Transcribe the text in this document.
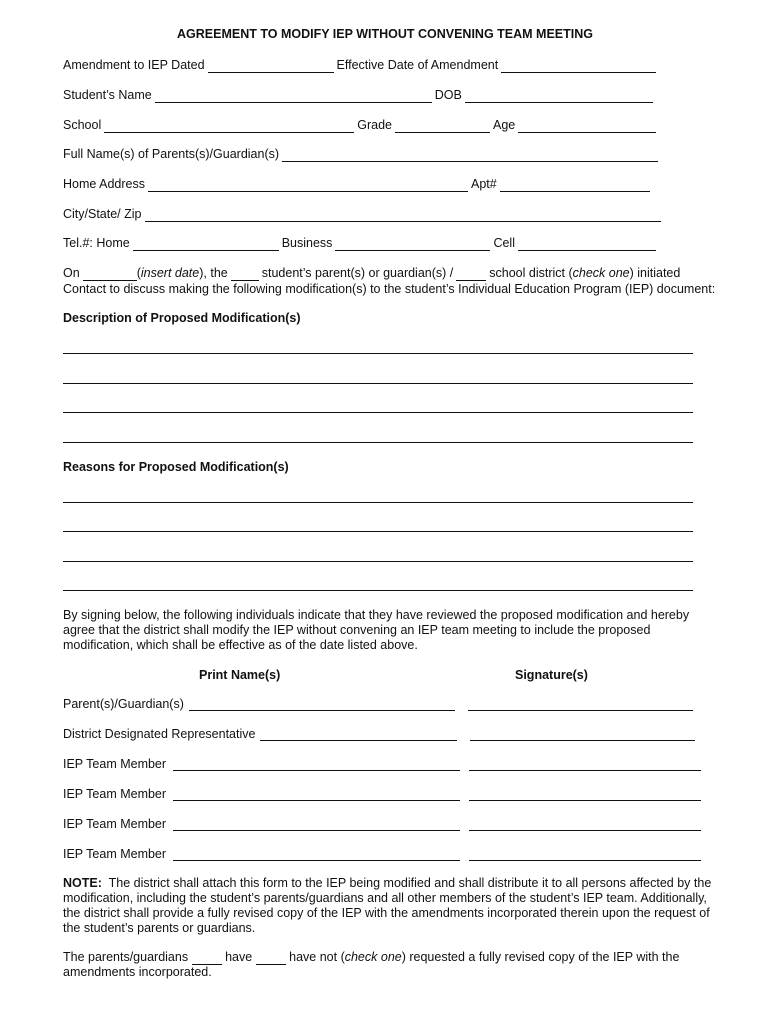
AGREEMENT TO MODIFY IEP WITHOUT CONVENING TEAM MEETING
Amendment to IEP Dated	Effective Date of Amendment
Student’s Name	DOB
School	Grade	Age
Full Name(s) of Parents(s)/Guardian(s)
Home Address	Apt#
City/State/ Zip
Tel.#: Home	Business	Cell
On	(insert date), the	student’s parent(s) or guardian(s) /	school district (check one) initiated
Contact to discuss making the following modification(s) to the student’s Individual Education Program (IEP) document:
Description of Proposed Modification(s)
Reasons for Proposed Modification(s)
By signing below, the following individuals indicate that they have reviewed the proposed modification and hereby agree that the district shall modify the IEP without convening an IEP team meeting to include the proposed modification, which shall be effective as of the date listed above.
Print Name(s)	Signature(s)
Parent(s)/Guardian(s)
District Designated Representative
IEP Team Member
IEP Team Member
IEP Team Member
IEP Team Member
NOTE: The district shall attach this form to the IEP being modified and shall distribute it to all persons affected by the modification, including the student’s parents/guardians and all other members of the student’s IEP team. Additionally, the district shall provide a fully revised copy of the IEP with the amendments incorporated therein upon the request of the student’s parents or guardians.
The parents/guardians	have	have not (check one) requested a fully revised copy of the IEP with the amendments incorporated.
